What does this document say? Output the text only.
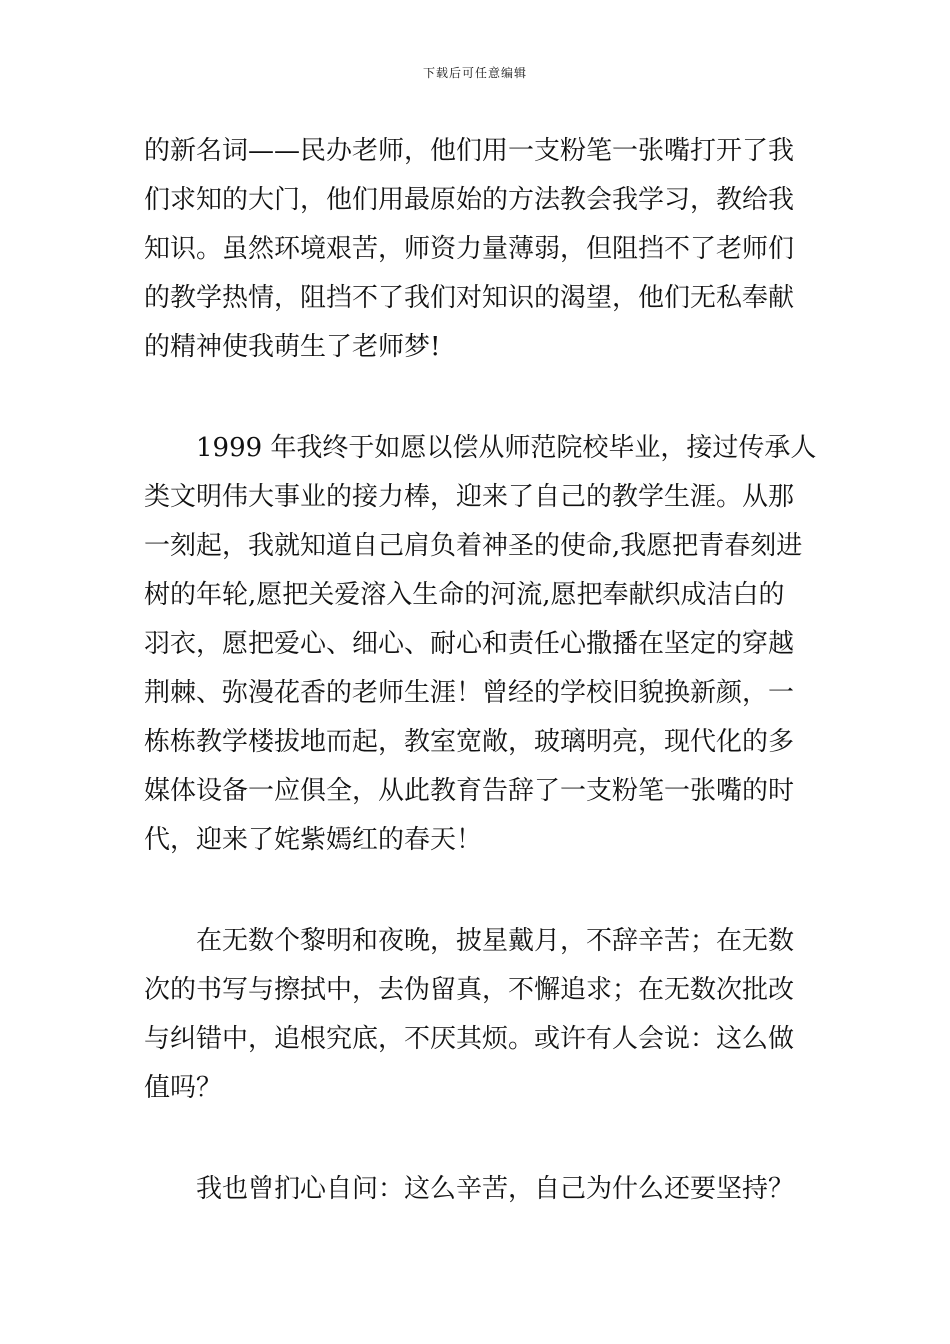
下载后可任意编辑
的新名词——民办老师，他们用一支粉笔一张嘴打开了我
们求知的大门，他们用最原始的方法教会我学习，教给我
知识。虽然环境艰苦，师资力量薄弱，但阻挡不了老师们
的教学热情，阻挡不了我们对知识的渴望，他们无私奉献
的精神使我萌生了老师梦!
1999 年我终于如愿以偿从师范院校毕业，接过传承人
类文明伟大事业的接力棒，迎来了自己的教学生涯。从那
一刻起，我就知道自己肩负着神圣的使命,我愿把青春刻进
树的年轮,愿把关爱溶入生命的河流,愿把奉献织成洁白的
羽衣，愿把爱心、细心、耐心和责任心撒播在坚定的穿越
荆棘、弥漫花香的老师生涯！曾经的学校旧貌换新颜，一
栋栋教学楼拔地而起，教室宽敞，玻璃明亮，现代化的多
媒体设备一应俱全，从此教育告辞了一支粉笔一张嘴的时
代，迎来了姹紫嫣红的春天！
在无数个黎明和夜晚，披星戴月，不辞辛苦；在无数
次的书写与擦拭中，去伪留真，不懈追求；在无数次批改
与纠错中，追根究底，不厌其烦。或许有人会说：这么做
值吗？
我也曾扪心自问：这么辛苦，自己为什么还要坚持？
